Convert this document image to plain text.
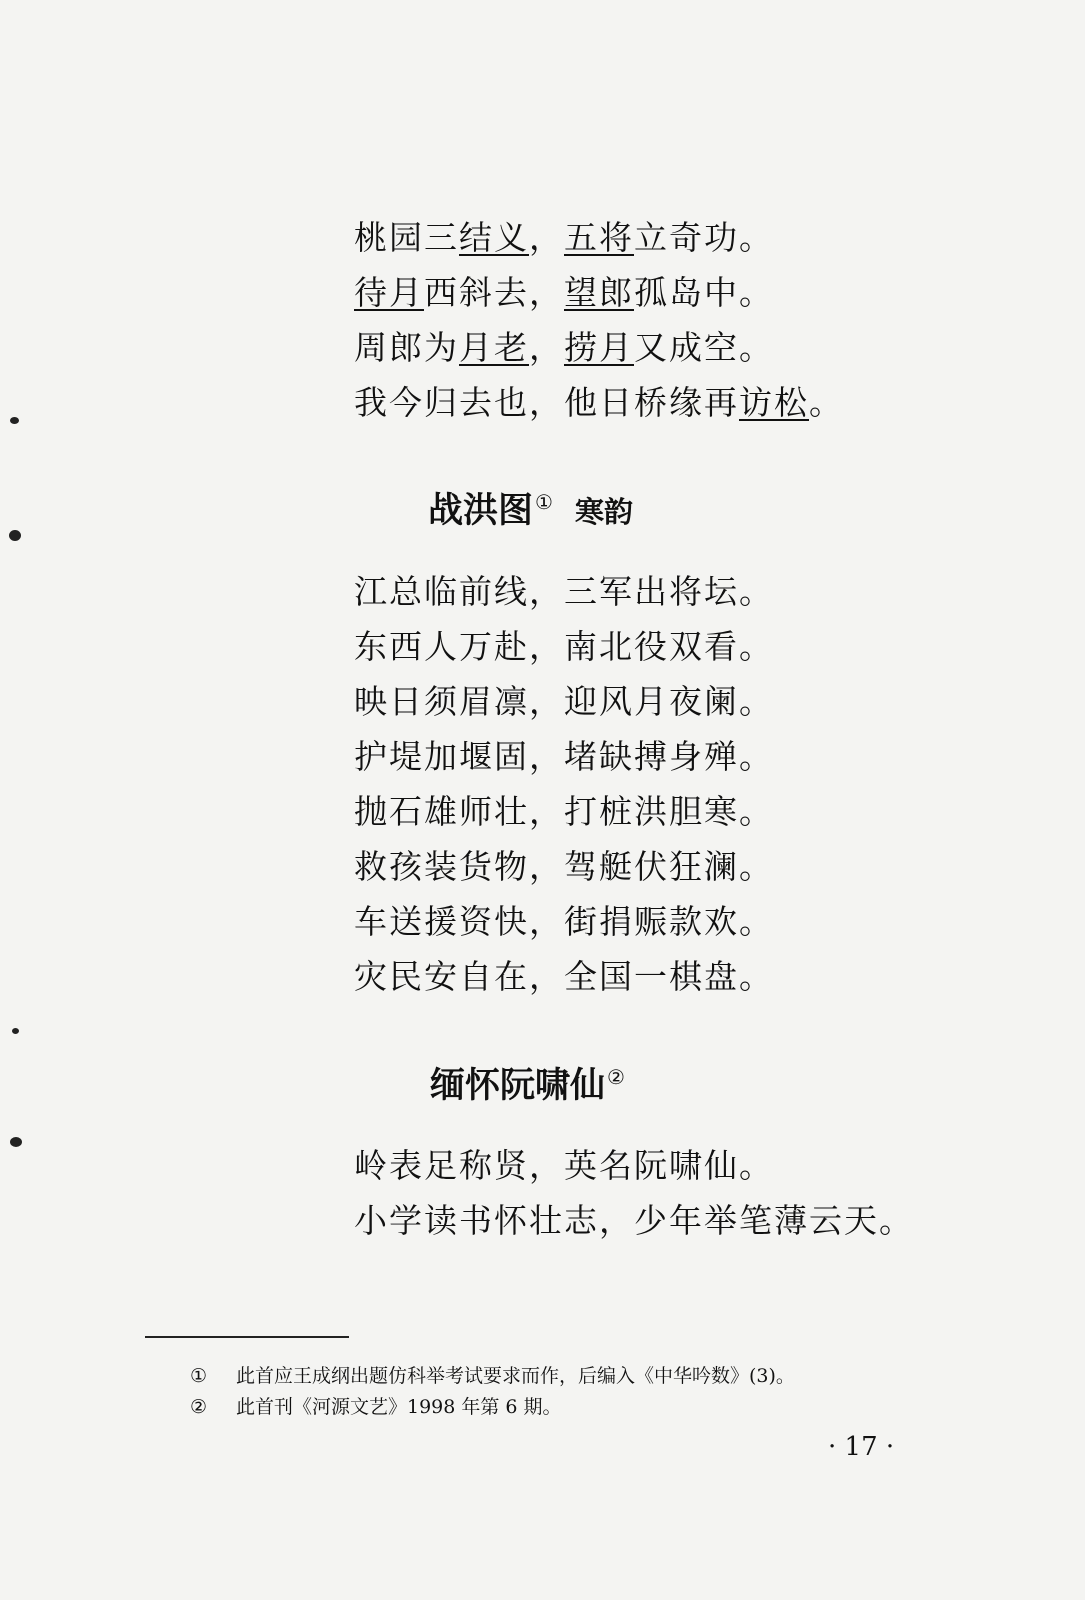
桃园三结义，五将立奇功。
待月西斜去，望郎孤岛中。
周郎为月老，捞月又成空。
我今归去也，他日桥缘再访松。
战洪图 ① 寒韵
江总临前线，三军出将坛。
东西人万赴，南北役双看。
映日须眉凛，迎风月夜阑。
护堤加堰固，堵缺搏身殚。
抛石雄师壮，打桩洪胆寒。
救孩装货物，驾艇伏狂澜。
车送援资快，街捐赈款欢。
灾民安自在，全国一棋盘。
缅怀阮啸仙 ②
岭表足称贤，英名阮啸仙。
小学读书怀壮志，少年举笔薄云天。
① 此首应王成纲出题仿科举考试要求而作，后编入《中华吟数》(3)。
② 此首刊《河源文艺》1998 年第 6 期。
· 17 ·
